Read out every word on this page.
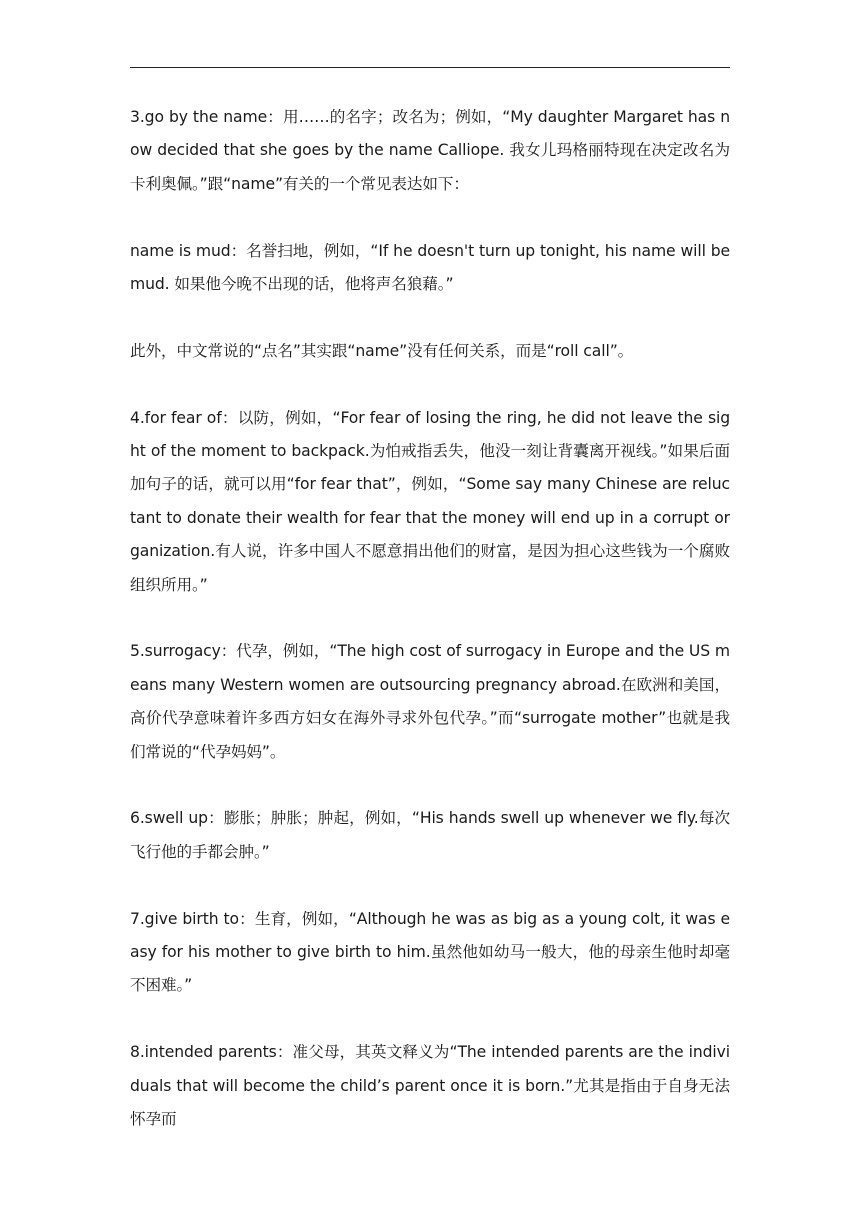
3.go by the name：用……的名字；改名为；例如，“My daughter Margaret has now decided that she goes by the name Calliope. 我女儿玛格丽特现在决定改名为卡利奥佩。”跟“name”有关的一个常见表达如下：

name is mud：名誉扫地，例如，“If he doesn't turn up tonight, his name will be mud. 如果他今晚不出现的话，他将声名狼藉。”

此外，中文常说的“点名”其实跟“name”没有任何关系，而是“roll call”。

4.for fear of：以防，例如，“For fear of losing the ring, he did not leave the sight of the moment to backpack.为怕戒指丢失，他没一刻让背囊离开视线。”如果后面加句子的话，就可以用“for fear that”，例如，“Some say many Chinese are reluctant to donate their wealth for fear that the money will end up in a corrupt organization.有人说，许多中国人不愿意捐出他们的财富，是因为担心这些钱为一个腐败组织所用。”

5.surrogacy：代孕，例如，“The high cost of surrogacy in Europe and the US means many Western women are outsourcing pregnancy abroad.在欧洲和美国，高价代孕意味着许多西方妇女在海外寻求外包代孕。”而“surrogate mother”也就是我们常说的“代孕妈妈”。

6.swell up：膨胀；肿胀；肿起，例如，“His hands swell up whenever we fly.每次飞行他的手都会肿。”

7.give birth to：生育，例如，“Although he was as big as a young colt, it was easy for his mother to give birth to him.虽然他如幼马一般大，他的母亲生他时却毫不困难。”

8.intended parents：准父母，其英文释义为“The intended parents are the individuals that will become the child’s parent once it is born.”尤其是指由于自身无法怀孕而
